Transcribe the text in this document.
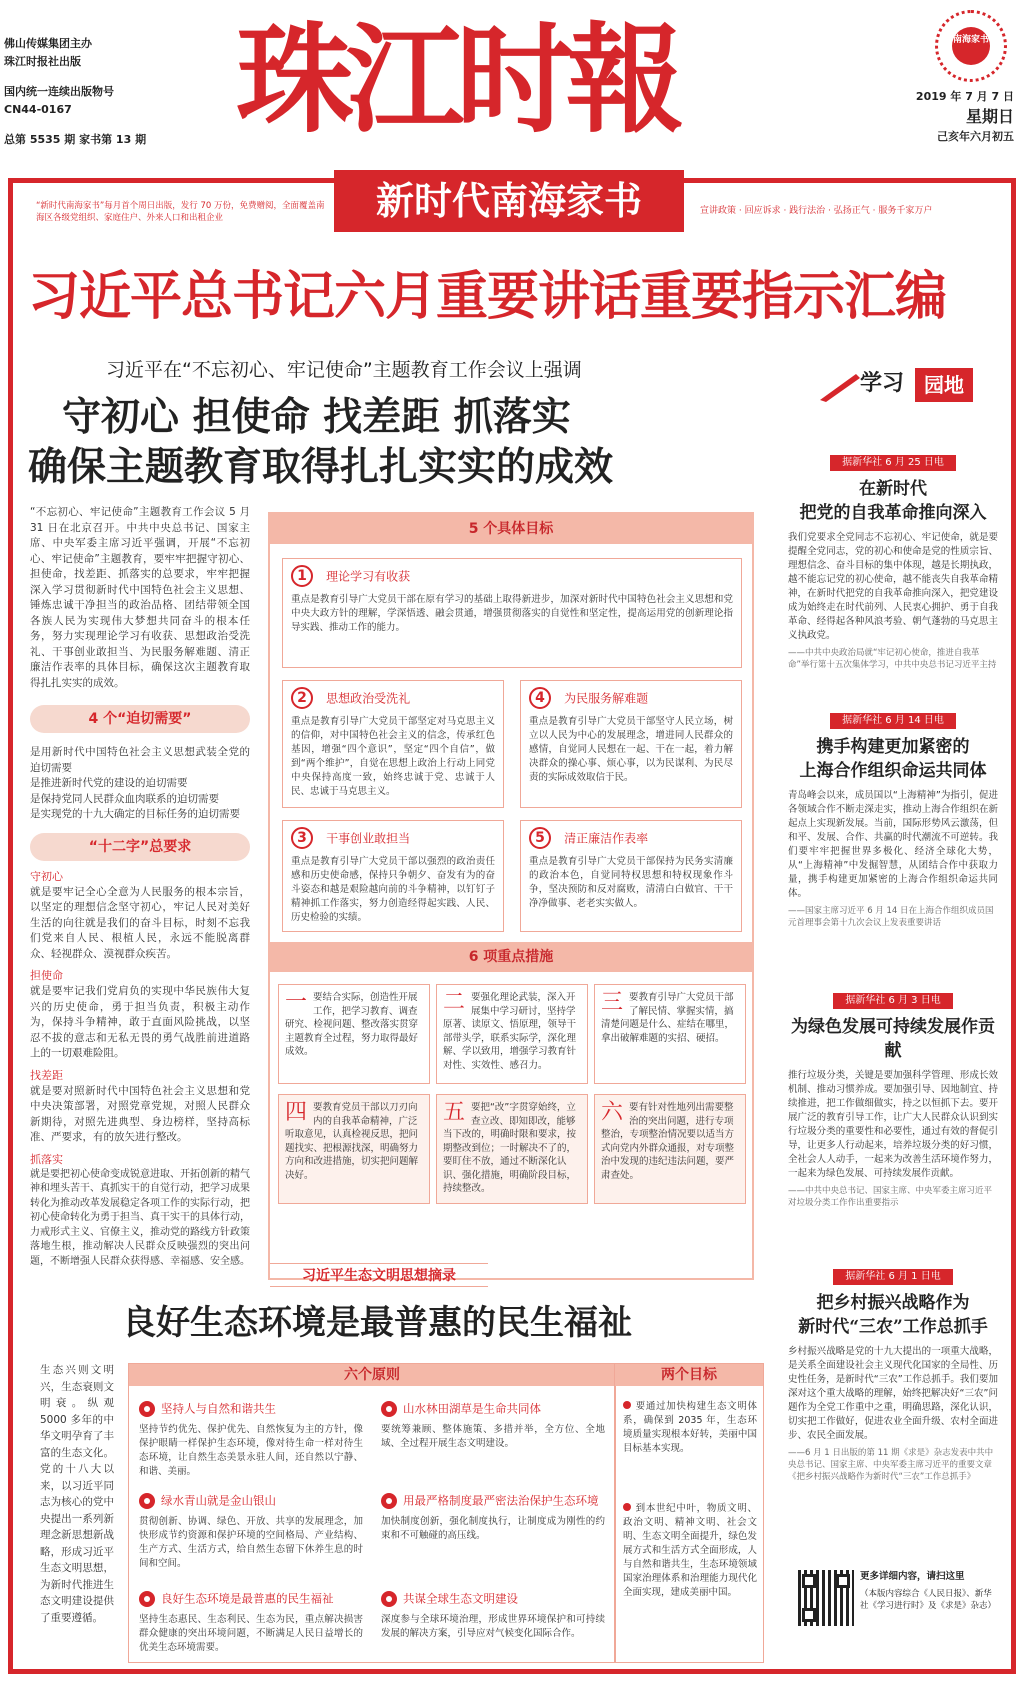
佛山传媒集团主办
珠江时报社出版
国内统一连续出版物号
CN44-0167
总第 5535 期 家书第 13 期 珠江时報	南海家书
2019 年 7 月 7 日
星期日
己亥年六月初五
“新时代南海家书”每月首个周日出版，发行 70 万份，免费赠阅，全面覆盖南海区各级党组织、家庭住户、外来人口和出租企业	新时代南海家书	宣讲政策 · 回应诉求 · 践行法治 · 弘扬正气 · 服务千家万户
习近平总书记六月重要讲话重要指示汇编
习近平在“不忘初心、牢记使命”主题教育工作会议上强调
守初心 担使命 找差距 抓落实
确保主题教育取得扎扎实实的成效
学习 园地
“不忘初心、牢记使命”主题教育工作会议 5 月 31 日在北京召开。中共中央总书记、国家主席、中央军委主席习近平强调，开展“不忘初心、牢记使命”主题教育，要牢牢把握守初心、担使命，找差距、抓落实的总要求，牢牢把握深入学习贯彻新时代中国特色社会主义思想、锤炼忠诚干净担当的政治品格、团结带领全国各族人民为实现伟大梦想共同奋斗的根本任务，努力实现理论学习有收获、思想政治受洗礼、干事创业敢担当、为民服务解难题、清正廉洁作表率的具体目标，确保这次主题教育取得扎扎实实的成效。
4 个“迫切需要”
是用新时代中国特色社会主义思想武装全党的迫切需要
是推进新时代党的建设的迫切需要
是保持党同人民群众血肉联系的迫切需要
是实现党的十九大确定的目标任务的迫切需要
“十二字”总要求
守初心
就是要牢记全心全意为人民服务的根本宗旨，以坚定的理想信念坚守初心，牢记人民对美好生活的向往就是我们的奋斗目标，时刻不忘我们党来自人民、根植人民，永远不能脱离群众、轻视群众、漠视群众疾苦。
担使命
就是要牢记我们党肩负的实现中华民族伟大复兴的历史使命，勇于担当负责，积极主动作为，保持斗争精神，敢于直面风险挑战，以坚忍不拔的意志和无私无畏的勇气战胜前进道路上的一切艰难险阻。
找差距
就是要对照新时代中国特色社会主义思想和党中央决策部署，对照党章党规，对照人民群众新期待，对照先进典型、身边榜样，坚持高标准、严要求，有的放矢进行整改。
抓落实
就是要把初心使命变成锐意进取、开拓创新的精气神和埋头苦干、真抓实干的自觉行动，把学习成果转化为推动改革发展稳定各项工作的实际行动，把初心使命转化为勇于担当、真干实干的具体行动，力戒形式主义、官僚主义，推动党的路线方针政策落地生根，推动解决人民群众反映强烈的突出问题，不断增强人民群众获得感、幸福感、安全感。
5 个具体目标
1 理论学习有收获
重点是教育引导广大党员干部在原有学习的基础上取得新进步，加深对新时代中国特色社会主义思想和党中央大政方针的理解，学深悟透、融会贯通，增强贯彻落实的自觉性和坚定性，提高运用党的创新理论指导实践、推动工作的能力。
2 思想政治受洗礼
重点是教育引导广大党员干部坚定对马克思主义的信仰，对中国特色社会主义的信念，传承红色基因，增强“四个意识”，坚定“四个自信”，做到“两个维护”，自觉在思想上政治上行动上同党中央保持高度一致，始终忠诚于党、忠诚于人民、忠诚于马克思主义。
4 为民服务解难题
重点是教育引导广大党员干部坚守人民立场，树立以人民为中心的发展理念，增进同人民群众的感情，自觉同人民想在一起、干在一起，着力解决群众的操心事、烦心事，以为民谋利、为民尽责的实际成效取信于民。
3 干事创业敢担当
重点是教育引导广大党员干部以强烈的政治责任感和历史使命感，保持只争朝夕、奋发有为的奋斗姿态和越是艰险越向前的斗争精神，以钉钉子精神抓工作落实，努力创造经得起实践、人民、历史检验的实绩。
5 清正廉洁作表率
重点是教育引导广大党员干部保持为民务实清廉的政治本色，自觉同特权思想和特权现象作斗争，坚决预防和反对腐败，清清白白做官、干干净净做事、老老实实做人。
6 项重点措施
一 要结合实际，创造性开展工作，把学习教育、调查研究、检视问题、整改落实贯穿主题教育全过程，努力取得最好成效。
二 要强化理论武装，深入开展集中学习研讨，坚持学原著、读原文、悟原理，领导干部带头学，联系实际学，深化理解、学以致用，增强学习教育针对性、实效性、感召力。
三 要教育引导广大党员干部了解民情、掌握实情，搞清楚问题是什么、症结在哪里，拿出破解难题的实招、硬招。
四 要教育党员干部以刀刃向内的自我革命精神，广泛听取意见，认真检视反思，把问题找实、把根源找深，明确努力方向和改进措施，切实把问题解决好。
五 要把“改”字贯穿始终，立查立改、即知即改，能够当下改的，明确时限和要求，按期整改到位；一时解决不了的，要盯住不放，通过不断深化认识、强化措施，明确阶段目标，持续整改。
六 要有针对性地列出需要整治的突出问题，进行专项整治，专项整治情况要以适当方式向党内外群众通报，对专项整治中发现的违纪违法问题，要严肃查处。
据新华社 6 月 25 日电
在新时代
把党的自我革命推向深入
我们党要求全党同志不忘初心、牢记使命，就是要提醒全党同志，党的初心和使命是党的性质宗旨、理想信念、奋斗目标的集中体现，越是长期执政，越不能忘记党的初心使命，越不能丧失自我革命精神，在新时代把党的自我革命推向深入，把党建设成为始终走在时代前列、人民衷心拥护、勇于自我革命、经得起各种风浪考验、朝气蓬勃的马克思主义执政党。
——中共中央政治局就“牢记初心使命，推进自我革命”举行第十五次集体学习，中共中央总书记习近平主持
据新华社 6 月 14 日电
携手构建更加紧密的
上海合作组织命运共同体
青岛峰会以来，成员国以“上海精神”为指引，促进各领域合作不断走深走实，推动上海合作组织在新起点上实现新发展。当前，国际形势风云激荡，但和平、发展、合作、共赢的时代潮流不可逆转。我们要牢牢把握世界多极化、经济全球化大势，从“上海精神”中发掘智慧，从团结合作中获取力量，携手构建更加紧密的上海合作组织命运共同体。
——国家主席习近平 6 月 14 日在上海合作组织成员国元首理事会第十九次会议上发表重要讲话
据新华社 6 月 3 日电
为绿色发展可持续发展作贡献
推行垃圾分类，关键是要加强科学管理、形成长效机制、推动习惯养成。要加强引导、因地制宜、持续推进，把工作做细做实，持之以恒抓下去。要开展广泛的教育引导工作，让广大人民群众认识到实行垃圾分类的重要性和必要性，通过有效的督促引导，让更多人行动起来，培养垃圾分类的好习惯，全社会人人动手，一起来为改善生活环境作努力，一起来为绿色发展、可持续发展作贡献。
——中共中央总书记、国家主席、中央军委主席习近平对垃圾分类工作作出重要指示
据新华社 6 月 1 日电
把乡村振兴战略作为
新时代“三农”工作总抓手
乡村振兴战略是党的十九大提出的一项重大战略，是关系全面建设社会主义现代化国家的全局性、历史性任务，是新时代“三农”工作总抓手。我们要加深对这个重大战略的理解，始终把解决好“三农”问题作为全党工作重中之重，明确思路，深化认识，切实把工作做好，促进农业全面升级、农村全面进步、农民全面发展。
——6 月 1 日出版的第 11 期《求是》杂志发表中共中央总书记、国家主席、中央军委主席习近平的重要文章《把乡村振兴战略作为新时代“三农”工作总抓手》
习近平生态文明思想摘录
良好生态环境是最普惠的民生福祉
生态兴则文明兴，生态衰则文明衰。纵观 5000 多年的中华文明孕育了丰富的生态文化。党的十八大以来，以习近平同志为核心的党中央提出一系列新理念新思想新战略，形成习近平生态文明思想，为新时代推进生态文明建设提供了重要遵循。
六个原则
坚持人与自然和谐共生
坚持节约优先、保护优先、自然恢复为主的方针，像保护眼睛一样保护生态环境，像对待生命一样对待生态环境，让自然生态美景永驻人间，还自然以宁静、和谐、美丽。
山水林田湖草是生命共同体
要统筹兼顾、整体施策、多措并举，全方位、全地域、全过程开展生态文明建设。
绿水青山就是金山银山
贯彻创新、协调、绿色、开放、共享的发展理念，加快形成节约资源和保护环境的空间格局、产业结构、生产方式、生活方式，给自然生态留下休养生息的时间和空间。
用最严格制度最严密法治保护生态环境
加快制度创新，强化制度执行，让制度成为刚性的约束和不可触碰的高压线。
良好生态环境是最普惠的民生福祉
坚持生态惠民、生态利民、生态为民，重点解决损害群众健康的突出环境问题，不断满足人民日益增长的优美生态环境需要。
共谋全球生态文明建设
深度参与全球环境治理，形成世界环境保护和可持续发展的解决方案，引导应对气候变化国际合作。
两个目标
要通过加快构建生态文明体系，确保到 2035 年，生态环境质量实现根本好转，美丽中国目标基本实现。
到本世纪中叶，物质文明、政治文明、精神文明、社会文明、生态文明全面提升，绿色发展方式和生活方式全面形成，人与自然和谐共生，生态环境领域国家治理体系和治理能力现代化全面实现，建成美丽中国。
更多详细内容，请扫这里
（本版内容综合《人民日报》、新华社《学习进行时》及《求是》杂志）
